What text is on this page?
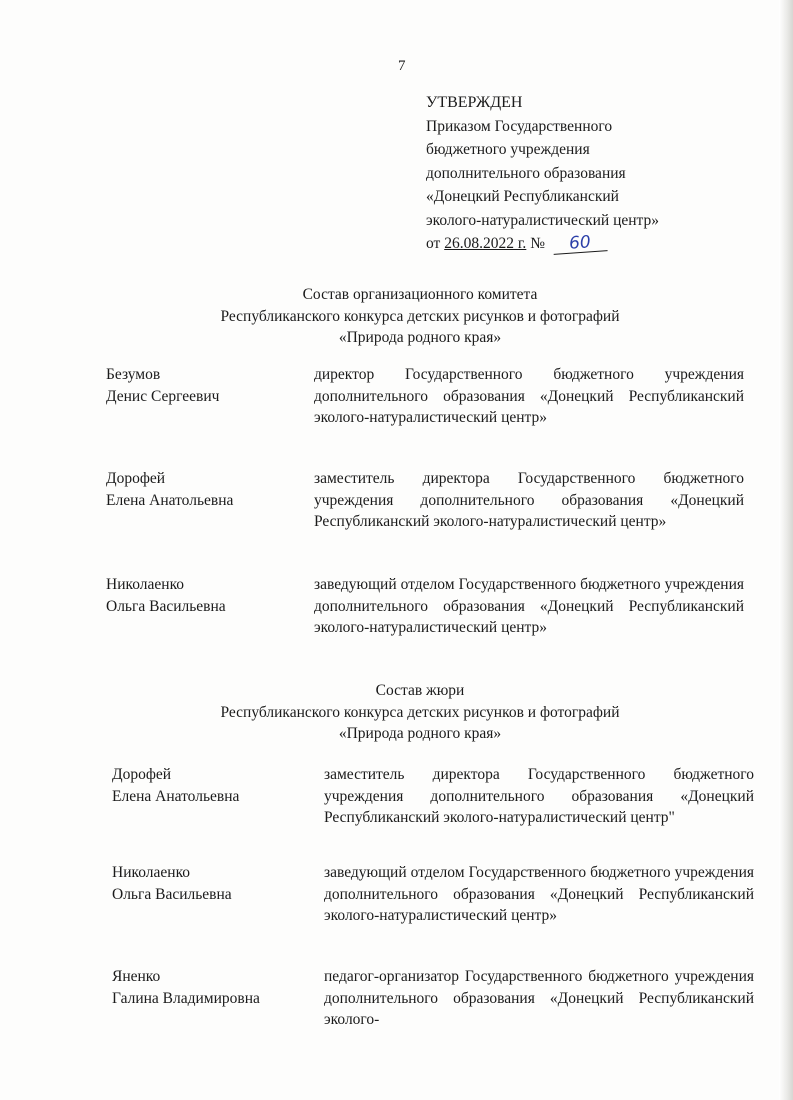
7
УТВЕРЖДЕН
Приказом Государственного
бюджетного учреждения
дополнительного образования
«Донецкий Республиканский
эколого-натуралистический центр»
от 26.08.2022 г. № 60
Состав организационного комитета
Республиканского конкурса детских рисунков и фотографий
«Природа родного края»
Безумов
Денис Сергеевич
директор Государственного бюджетного учреждения дополнительного образования «Донецкий Республиканский эколого-натуралистический центр»
Дорофей
Елена Анатольевна
заместитель директора Государственного бюджетного учреждения дополнительного образования «Донецкий Республиканский эколого-натуралистический центр»
Николаенко
Ольга Васильевна
заведующий отделом Государственного бюджетного учреждения дополнительного образования «Донецкий Республиканский эколого-натуралистический центр»
Состав жюри
Республиканского конкурса детских рисунков и фотографий
«Природа родного края»
Дорофей
Елена Анатольевна
заместитель директора Государственного бюджетного учреждения дополнительного образования «Донецкий Республиканский эколого-натуралистический центр"
Николаенко
Ольга Васильевна
заведующий отделом Государственного бюджетного учреждения дополнительного образования «Донецкий Республиканский эколого-натуралистический центр»
Яненко
Галина Владимировна
педагог-организатор Государственного бюджетного учреждения дополнительного образования «Донецкий Республиканский эколого-
